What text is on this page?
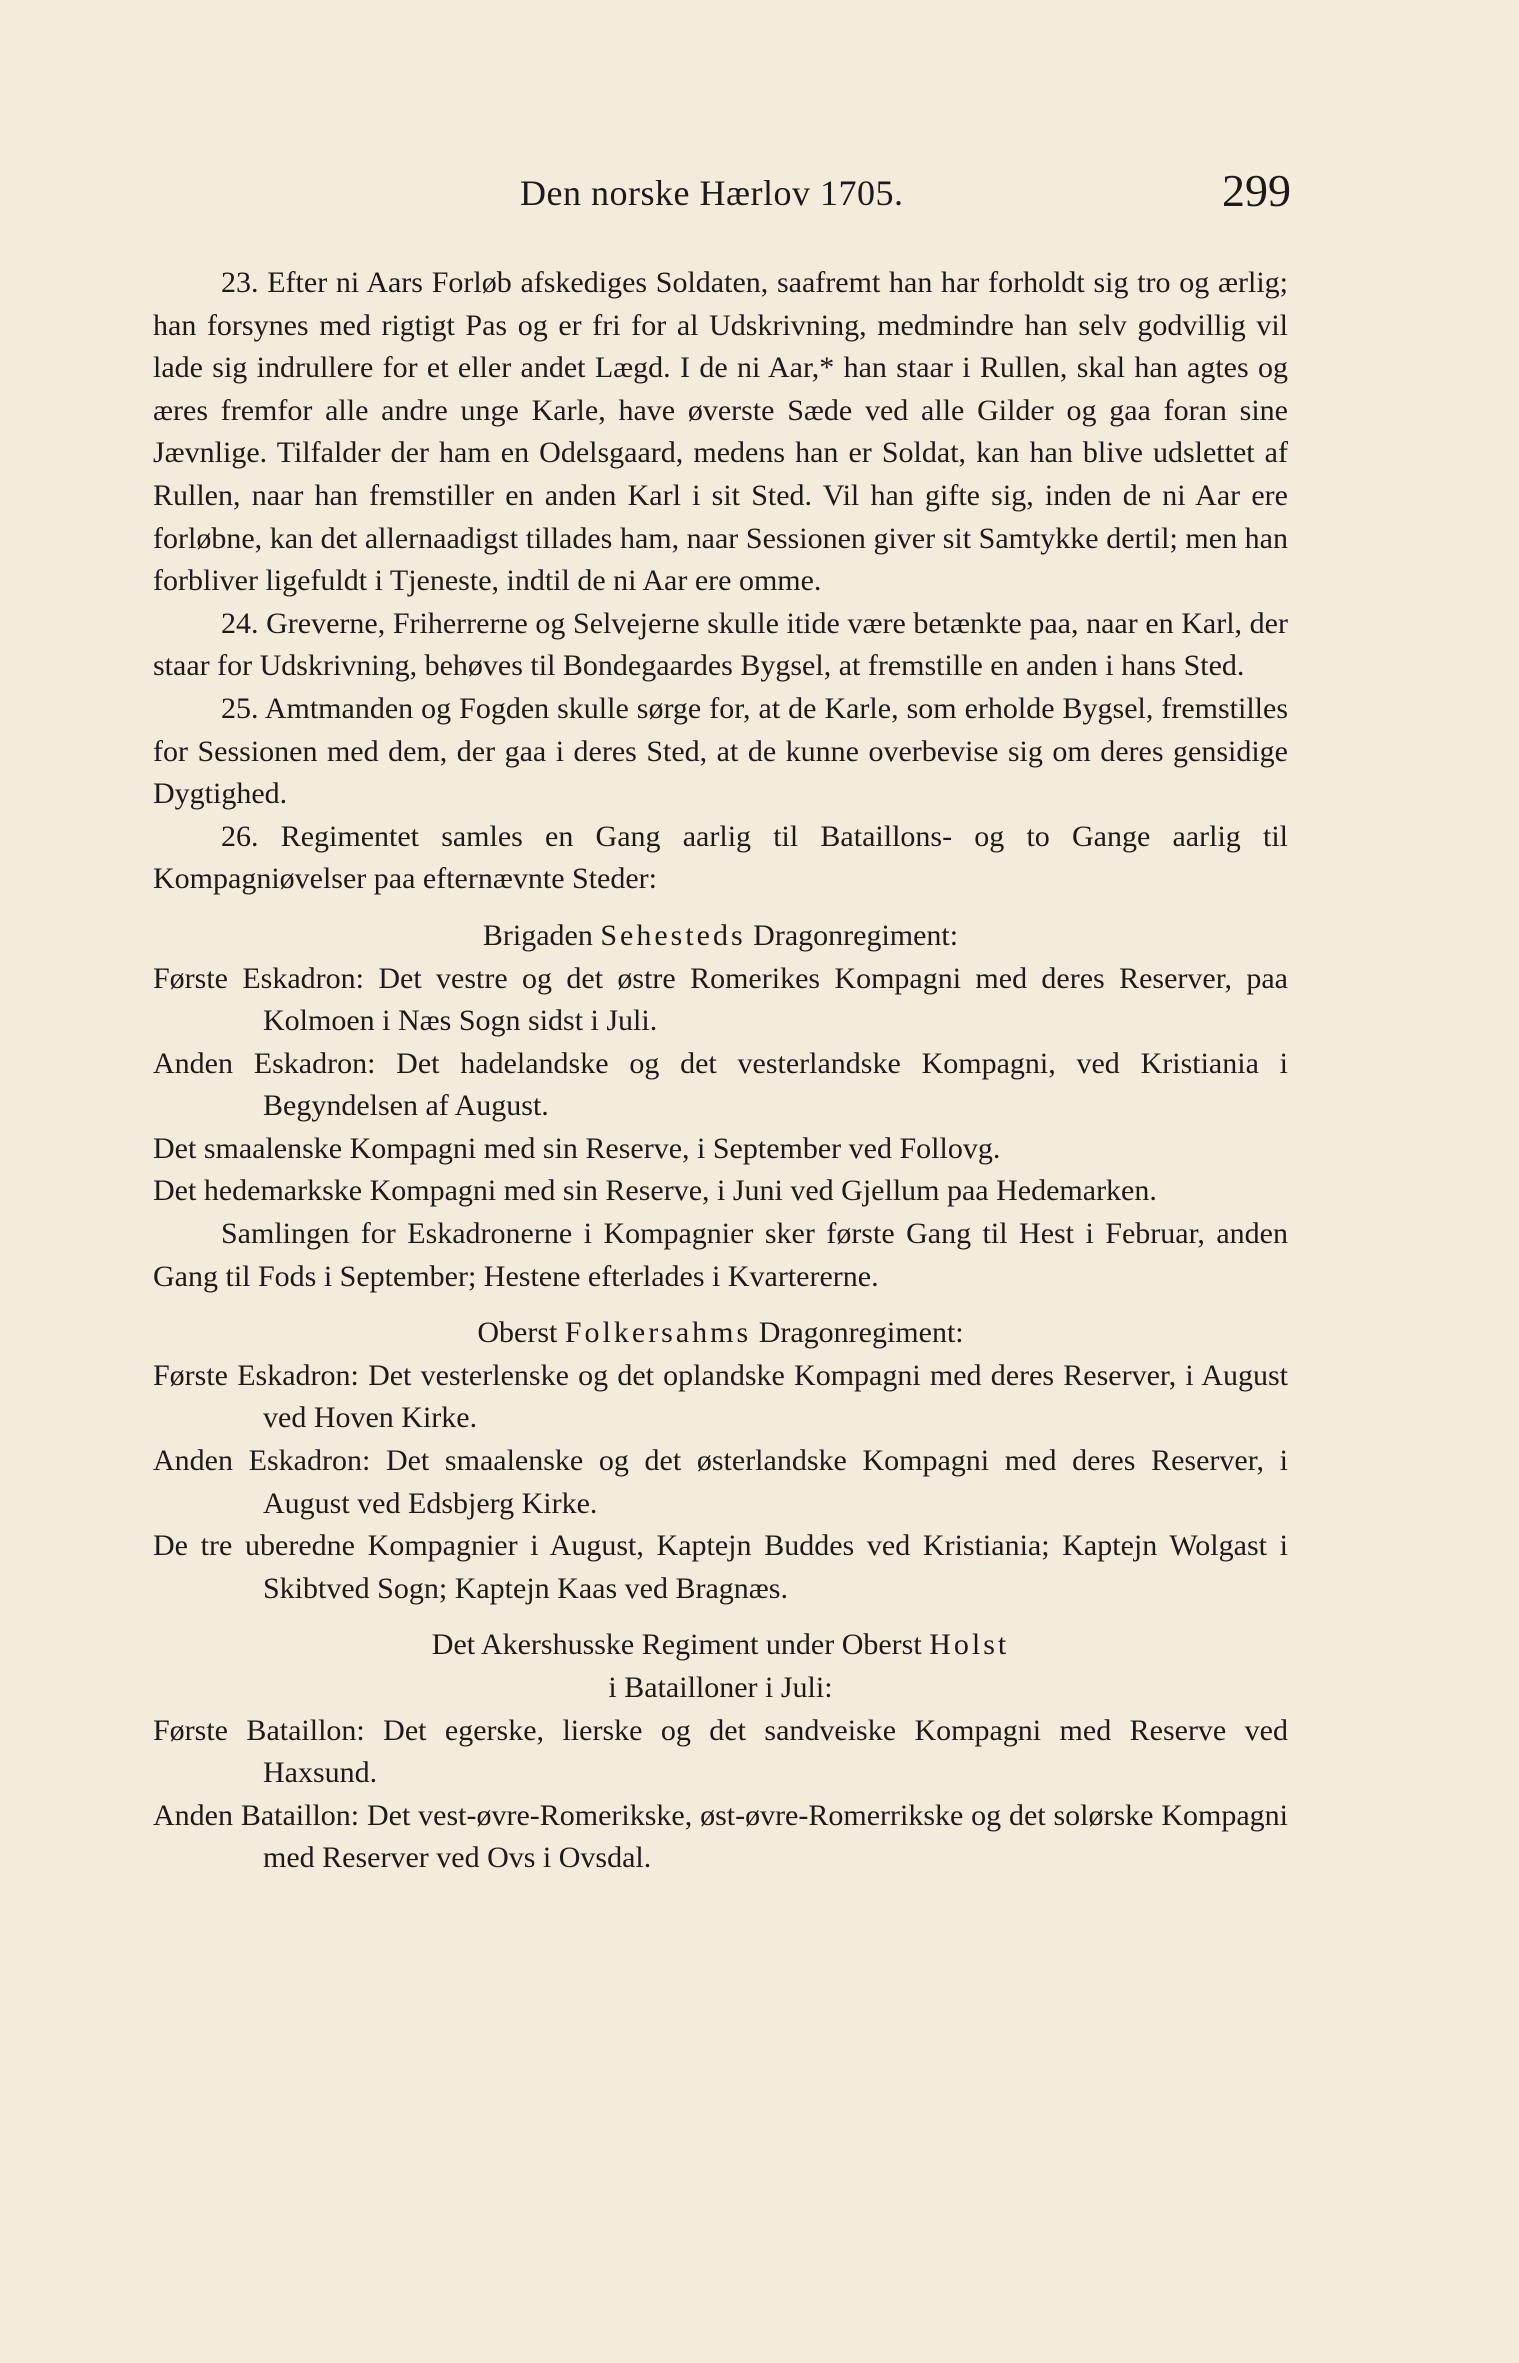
Den norske Hærlov 1705.	299

23. Efter ni Aars Forløb afskediges Soldaten, saafremt han har forholdt sig tro og ærlig; han forsynes med rigtigt Pas og er fri for al Udskrivning, medmindre han selv godvillig vil lade sig indrullere for et eller andet Lægd. I de ni Aar,* han staar i Rullen, skal han agtes og æres fremfor alle andre unge Karle, have øverste Sæde ved alle Gilder og gaa foran sine Jævnlige. Tilfalder der ham en Odelsgaard, medens han er Soldat, kan han blive udslettet af Rullen, naar han fremstiller en anden Karl i sit Sted. Vil han gifte sig, inden de ni Aar ere forløbne, kan det allernaadigst tillades ham, naar Sessionen giver sit Samtykke dertil; men han forbliver ligefuldt i Tjeneste, indtil de ni Aar ere omme.

24. Greverne, Friherrerne og Selvejerne skulle itide være betænkte paa, naar en Karl, der staar for Udskrivning, behøves til Bondegaardes Bygsel, at fremstille en anden i hans Sted.

25. Amtmanden og Fogden skulle sørge for, at de Karle, som erholde Bygsel, fremstilles for Sessionen med dem, der gaa i deres Sted, at de kunne overbevise sig om deres gensidige Dygtighed.

26. Regimentet samles en Gang aarlig til Bataillons- og to Gange aarlig til Kompagniøvelser paa efternævnte Steder:

Brigaden Sehesteds Dragonregiment:

Første Eskadron: Det vestre og det østre Romerikes Kompagni med deres Reserver, paa Kolmoen i Næs Sogn sidst i Juli.

Anden Eskadron: Det hadelandske og det vesterlandske Kompagni, ved Kristiania i Begyndelsen af August.

Det smaalenske Kompagni med sin Reserve, i September ved Follovg.

Det hedemarkske Kompagni med sin Reserve, i Juni ved Gjellum paa Hedemarken.

Samlingen for Eskadronerne i Kompagnier sker første Gang til Hest i Februar, anden Gang til Fods i September; Hestene efterlades i Kvartererne.

Oberst Folkersahms Dragonregiment:

Første Eskadron: Det vesterlenske og det oplandske Kompagni med deres Reserver, i August ved Hoven Kirke.

Anden Eskadron: Det smaalenske og det østerlandske Kompagni med deres Reserver, i August ved Edsbjerg Kirke.

De tre uberedne Kompagnier i August, Kaptejn Buddes ved Kristiania; Kaptejn Wolgast i Skibtved Sogn; Kaptejn Kaas ved Bragnæs.

Det Akershusske Regiment under Oberst Holst

i Bataillоner i Juli:

Første Bataillon: Det egerske, lierske og det sandveiske Kompagni med Reserve ved Haxsund.

Anden Bataillon: Det vest-øvre-Romerikske, øst-øvre-Romerrikske og det solørske Kompagni med Reserver ved Ovs i Ovsdal.
